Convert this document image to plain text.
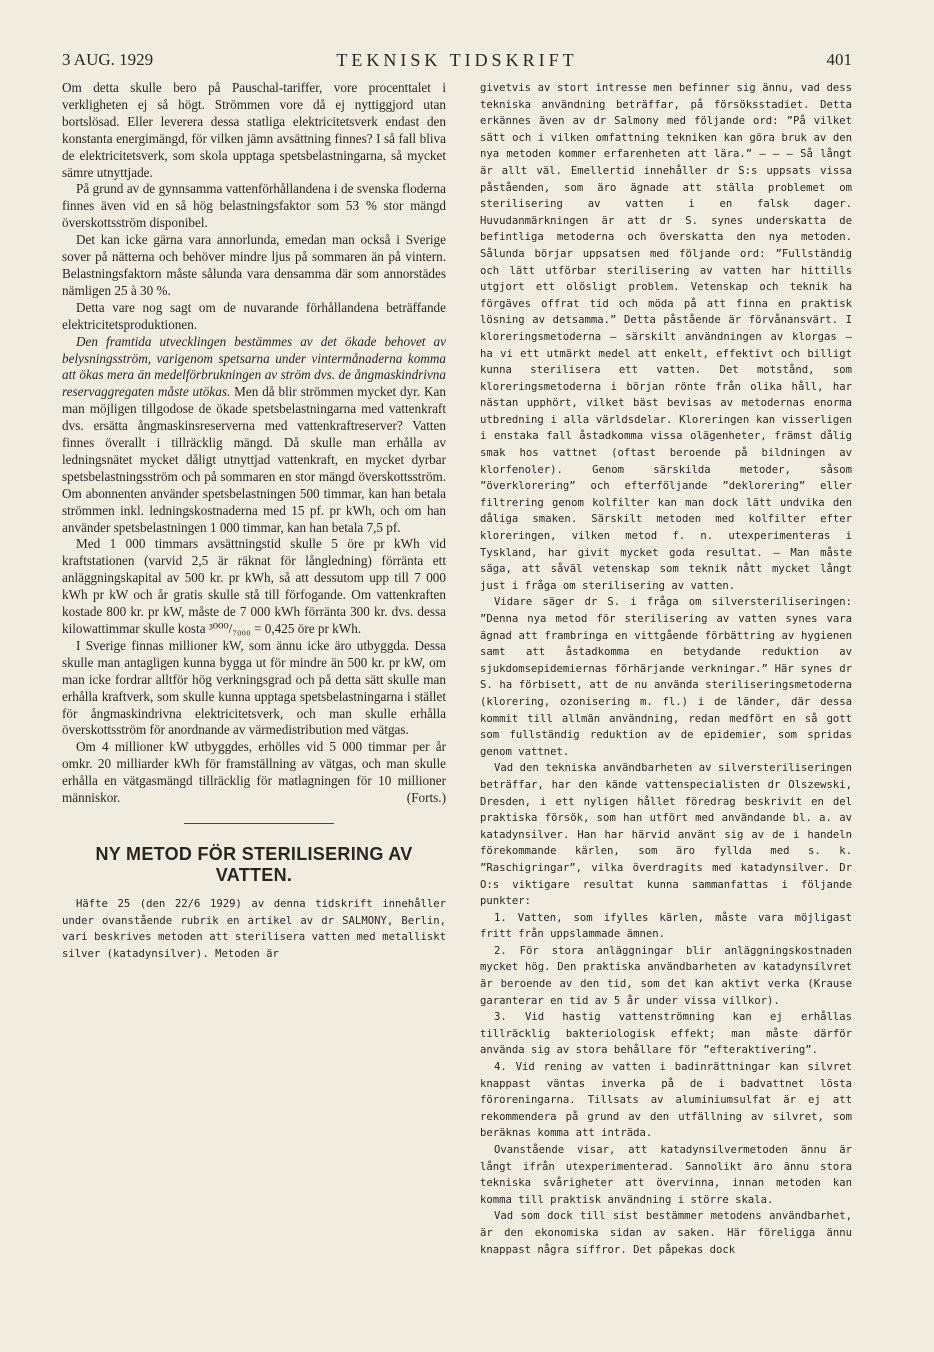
3 AUG. 1929	TEKNISK TIDSKRIFT	401

Om detta skulle bero på Pauschal-tariffer, vore procenttalet i verkligheten ej så högt. Strömmen vore då ej nyttiggjord utan bortslösad. Eller levererа dessa statliga elektricitetsverk endast den konstanta energimängd, för vilken jämn avsättning finnes? I så fall bliva de elektricitetsverk, som skola upptaga spetsbelastningarna, så mycket sämre utnyttjade.

På grund av de gynnsamma vattenförhållandena i de svenska floderna finnes även vid en så hög belastningsfaktor som 53 % stor mängd överskottsström disponibel.

Det kan icke gärna vara annorlunda, emedan man också i Sverige sover på nätterna och behöver mindre ljus på sommaren än på vintern. Belastningsfaktorn måste sålunda vara densamma där som annorstädes nämligen 25 à 30 %.

Detta vare nog sagt om de nuvarande förhållandena beträffande elektricitetsproduktionen.

Den framtida utvecklingen bestämmes av det ökade behovet av belysningsström, varigenom spetsarna under vintermånaderna komma att ökas mera än medelförbrukningen av ström dvs. de ångmaskindrivna reservaggregaten måste utökas. Men då blir strömmen mycket dyr. Kan man möjligen tillgodose de ökade spetsbelastningarna med vattenkraft dvs. ersätta ångmaskinsreserverna med vattenkraftreserver? Vatten finnes överallt i tillräcklig mängd. Då skulle man erhålla av ledningsnätet mycket dåligt utnyttjad vattenkraft, en mycket dyrbar spetsbelastningsström och på sommaren en stor mängd överskottsström. Om abonnenten använder spetsbelastningen 500 timmar, kan han betala strömmen inkl. ledningskostnaderna med 15 pf. pr kWh, och om han använder spetsbelastningen 1 000 timmar, kan han betala 7,5 pf.

Med 1 000 timmars avsättningstid skulle 5 öre pr kWh vid kraftstationen (varvid 2,5 är räknat för långledning) förränta ett anläggningskapital av 500 kr. pr kWh, så att dessutom upp till 7 000 kWh pr kW och år gratis skulle stå till förfogande. Om vattenkraften kostade 800 kr. pr kW, måste de 7 000 kWh förränta 300 kr. dvs. dessa kilowattimmar skulle kosta ³⁰⁰⁰/₇₀₀₀ = 0,425 öre pr kWh.

I Sverige finnas millioner kW, som ännu icke äro utbyggda. Dessa skulle man antagligen kunna bygga ut för mindre än 500 kr. pr kW, om man icke fordrar alltför hög verkningsgrad och på detta sätt skulle man erhålla kraftverk, som skulle kunna upptaga spetsbelastningarna i stället för ångmaskindrivna elektricitetsverk, och man skulle erhålla överskottsström för anordnande av värmedistribution med vätgas.

Om 4 millioner kW utbyggdes, erhölles vid 5 000 timmar per år omkr. 20 milliarder kWh för framställning av vätgas, och man skulle erhålla en vätgasmängd tillräcklig för matlagningen för 10 millioner människor.	(Forts.)

NY METOD FÖR STERILISERING AV VATTEN.

Häfte 25 (den 22/6 1929) av denna tidskrift innehåller under ovanstående rubrik en artikel av dr SALMONY, Berlin, vari beskrives metoden att sterilisera vatten med metalliskt silver (katadynsilver). Metoden är

givetvis av stort intresse men befinner sig ännu, vad dess tekniska användning beträffar, på försöksstadiet. Detta erkännes även av dr Salmony med följande ord: ”På vilket sätt och i vilken omfattning tekniken kan göra bruk av den nya metoden kommer erfarenheten att lära.” — — — Så långt är allt väl. Emellertid innehåller dr S:s uppsats vissa påståenden, som äro ägnade att ställa problemet om sterilisering av vatten i en falsk dager. Huvudanmärkningen är att dr S. synes underskatta de befintliga metoderna och överskatta den nya metoden. Sålunda börjar uppsatsen med följande ord: ”Fullständig och lätt utförbar sterilisering av vatten har hittills utgjort ett olösligt problem. Vetenskap och teknik ha förgäves offrat tid och möda på att finna en praktisk lösning av detsamma.” Detta påstående är förvånansvärt. I kloreringsmetoderna — särskilt användningen av klorgas — ha vi ett utmärkt medel att enkelt, effektivt och billigt kunna sterilisera ett vatten. Det motstånd, som kloreringsmetoderna i början rönte från olika håll, har nästan upphört, vilket bäst bevisas av metodernas enorma utbredning i alla världsdelar. Kloreringen kan visserligen i enstaka fall åstadkomma vissa olägenheter, främst dålig smak hos vattnet (oftast beroende på bildningen av klorfenoler). Genom särskilda metoder, såsom ”överklorering” och efterföljande ”deklorering” eller filtrering genom kolfilter kan man dock lätt undvika den dåliga smaken. Särskilt metoden med kolfilter efter kloreringen, vilken metod f. n. utexperimenteras i Tyskland, har givit mycket goda resultat. — Man måste säga, att såväl vetenskap som teknik nått mycket långt just i fråga om sterilisering av vatten.

Vidare säger dr S. i fråga om silversteriliseringen: ”Denna nya metod för sterilisering av vatten synes vara ägnad att frambringa en vittgående förbättring av hygienen samt att åstadkomma en betydande reduktion av sjukdomsepidemiernas förhärjande verkningar.” Här synes dr S. ha förbisett, att de nu använda steriliseringsmetoderna (klorering, ozonisering m. fl.) i de länder, där dessa kommit till allmän användning, redan medfört en så gott som fullständig reduktion av de epidemier, som spridas genom vattnet.

Vad den tekniska användbarheten av silversteriliseringen beträffar, har den kände vattenspecialisten dr Olszewski, Dresden, i ett nyligen hållet föredrag beskrivit en del praktiska försök, som han utfört med användande bl. a. av katadynsilver. Han har härvid använt sig av de i handeln förekommande kärlen, som äro fyllda med s. k. ”Raschigringar”, vilka överdragits med katadynsilver. Dr O:s viktigare resultat kunna sammanfattas i följande punkter:

1. Vatten, som ifylles kärlen, måste vara möjligast fritt från uppslammade ämnen.

2. För stora anläggningar blir anläggningskostnaden mycket hög. Den praktiska användbarheten av katadynsilvret är beroende av den tid, som det kan aktivt verka (Krause garanterar en tid av 5 år under vissa villkor).

3. Vid hastig vattenströmning kan ej erhållas tillräcklig bakteriologisk effekt; man måste därför använda sig av stora behållare för ”efteraktivering”.

4. Vid rening av vatten i badinrättningar kan silvret knappast väntas inverka på de i badvattnet lösta föroreningarna. Tillsats av aluminiumsulfat är ej att rekommendera på grund av den utfällning av silvret, som beräknas komma att inträda.

Ovanstående visar, att katadynsilvermetoden ännu är långt ifrån utexperimenterad. Sannolikt äro ännu stora tekniska svårigheter att övervinna, innan metoden kan komma till praktisk användning i större skala.

Vad som dock till sist bestämmer metodens användbarhet, är den ekonomiska sidan av saken. Här föreligga ännu knappast några siffror. Det påpekas dock
